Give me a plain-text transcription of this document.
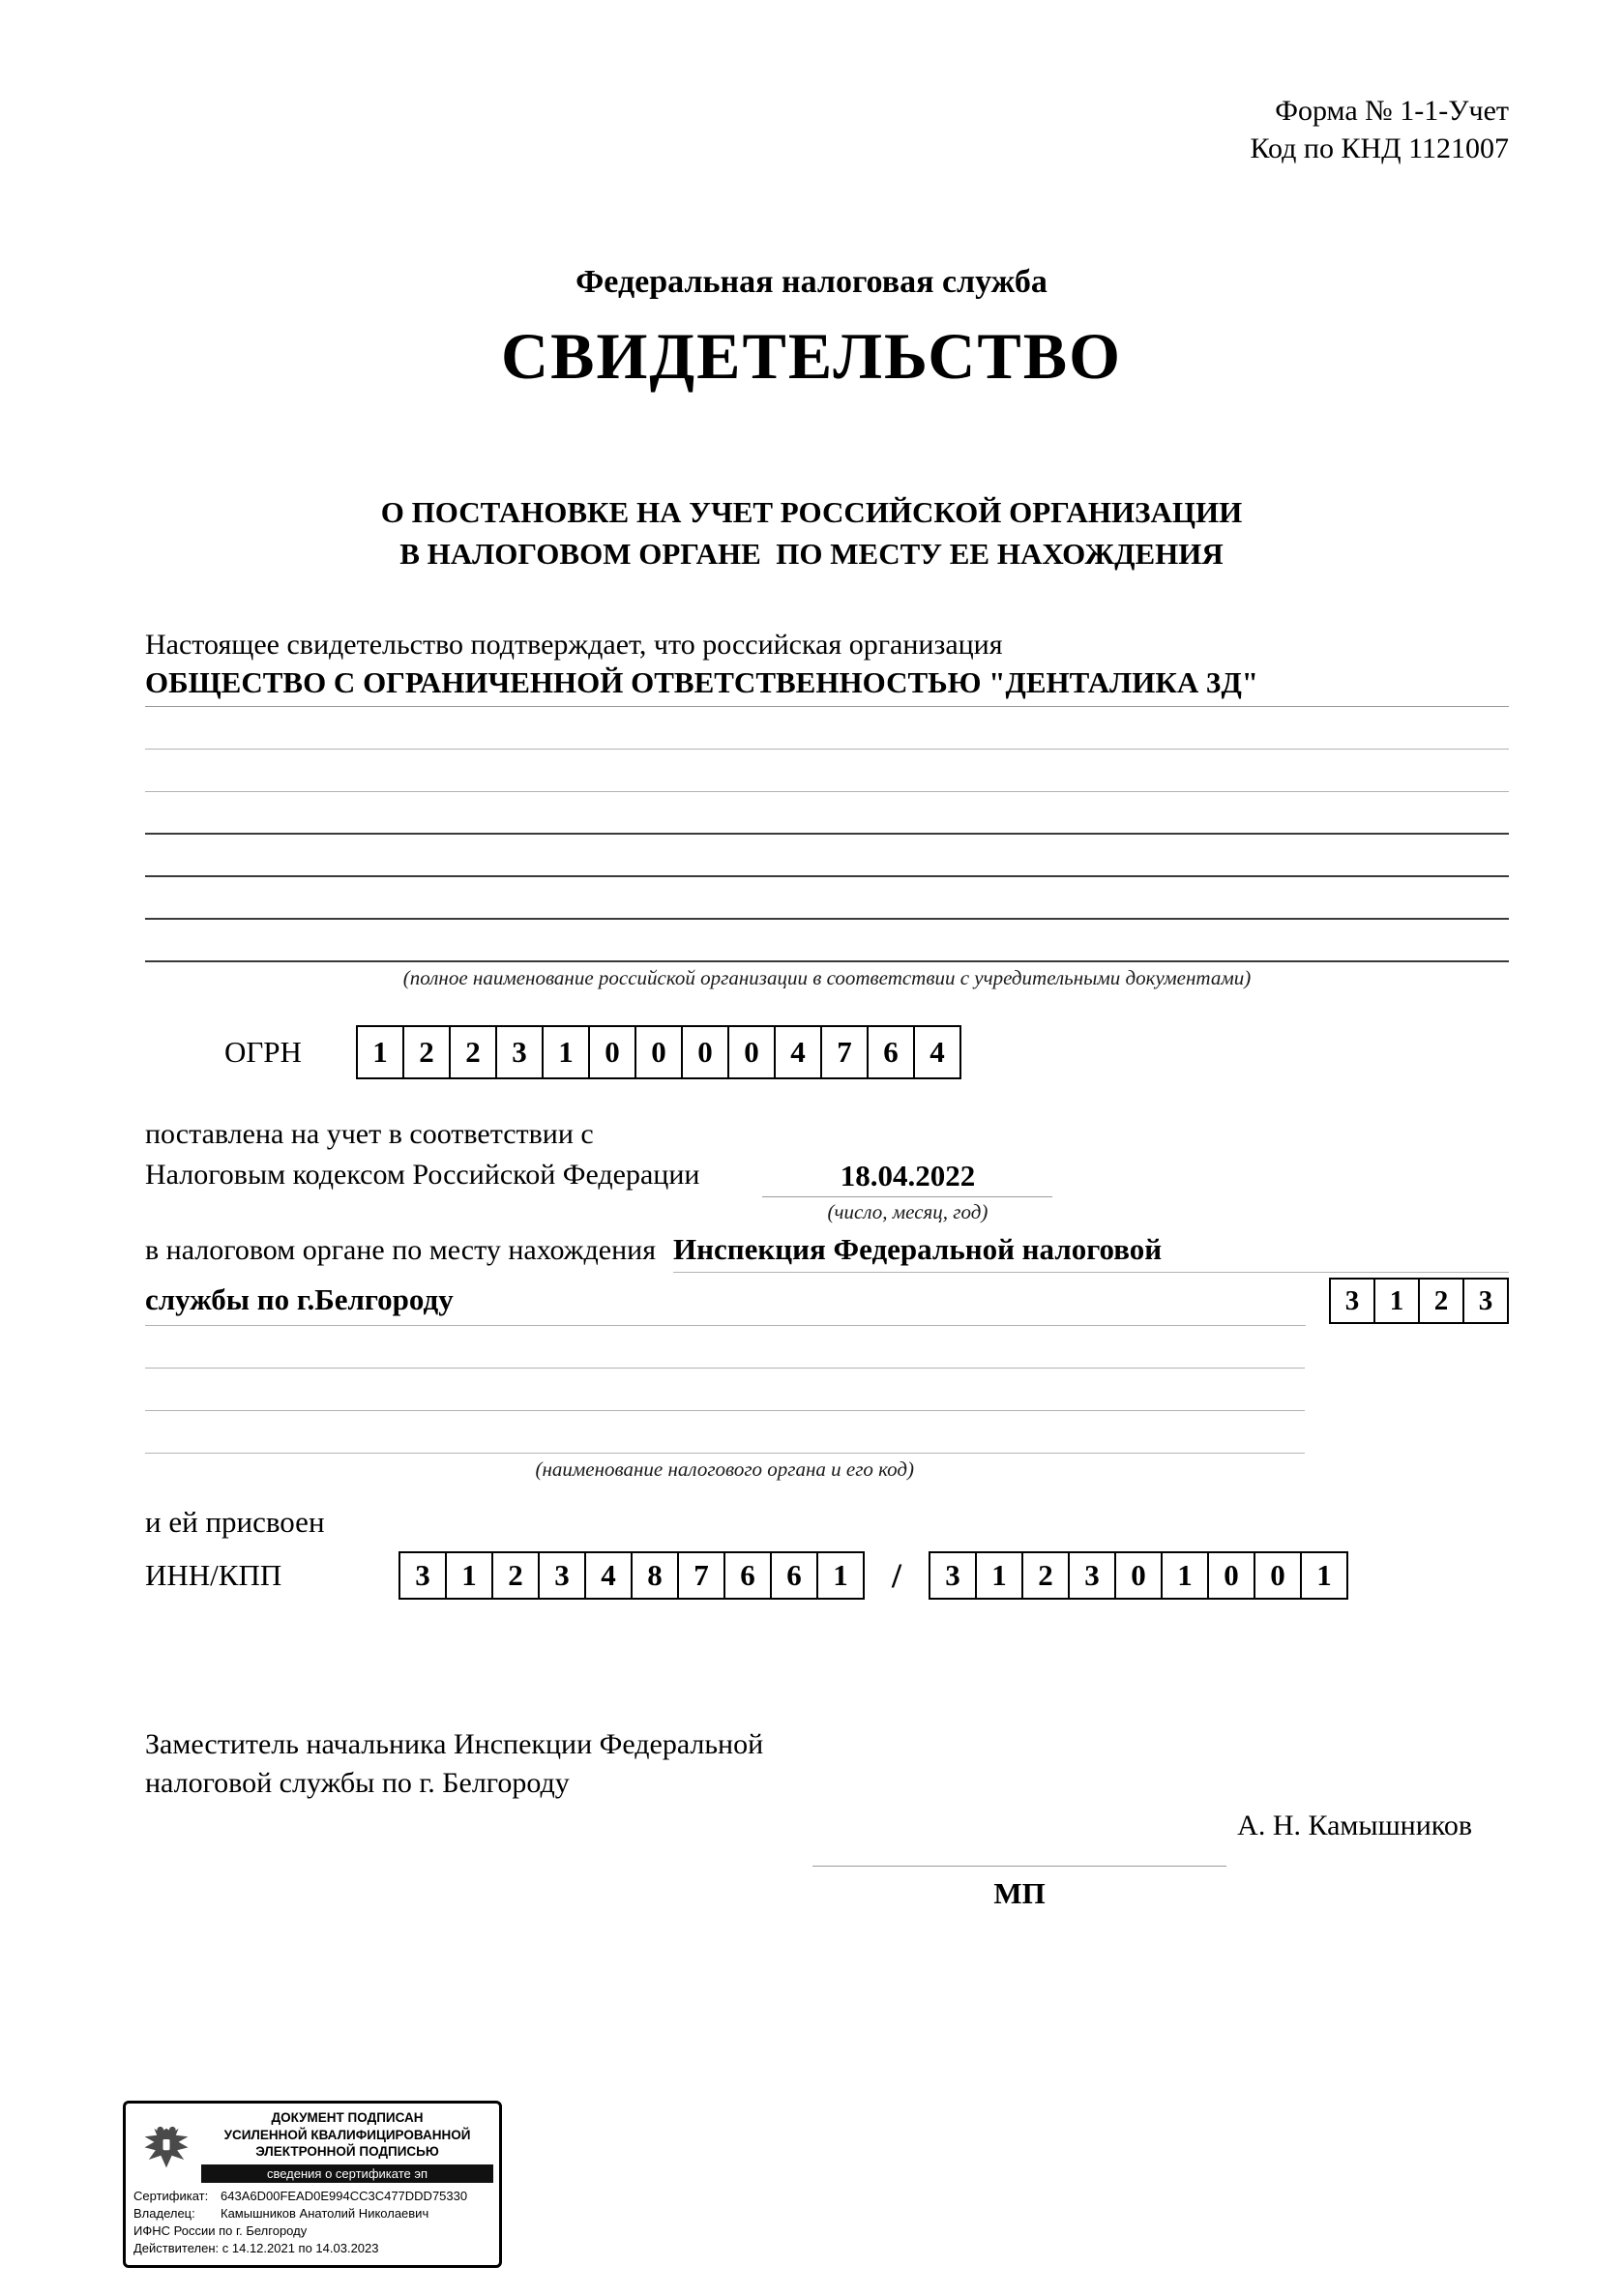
Форма № 1-1-Учет
Код по КНД 1121007
Федеральная налоговая служба
СВИДЕТЕЛЬСТВО
О ПОСТАНОВКЕ НА УЧЕТ РОССИЙСКОЙ ОРГАНИЗАЦИИ
В НАЛОГОВОМ ОРГАНЕ  ПО МЕСТУ ЕЕ НАХОЖДЕНИЯ

Настоящее свидетельство подтверждает, что российская организация

ОБЩЕСТВО С ОГРАНИЧЕННОЙ ОТВЕТСТВЕННОСТЬЮ "ДЕНТАЛИКА 3Д"
(полное наименование российской организации в соответствии с учредительными документами)
ОГРН	1	2	2	3	1	0	0	0	0	4	7	6	4

поставлена на учет в соответствии с

Налоговым кодексом Российской Федерации	18.04.2022
(число, месяц, год)
в налоговом органе по месту нахождения Инспекция Федеральной налоговой
службы по г.Белгороду	3	1	2	3
(наименование налогового органа и его код)

и ей присвоен

ИНН/КПП	3	1	2	3	4	8	7	6	6	1	/	3	1	2	3	0	1	0	0	1
Заместитель начальника Инспекции Федеральной
налоговой службы по г. Белгороду
А. Н. Камышников
МП
ДОКУМЕНТ ПОДПИСАН
УСИЛЕННОЙ КВАЛИФИЦИРОВАННОЙ
ЭЛЕКТРОННОЙ ПОДПИСЬЮ
сведения о сертификате эп
Сертификат: 643A6D00FEAD0E994CC3C477DDD75330
Владелец: Камышников Анатолий Николаевич
ИФНС России по г. Белгороду
Действителен: с 14.12.2021 по 14.03.2023
